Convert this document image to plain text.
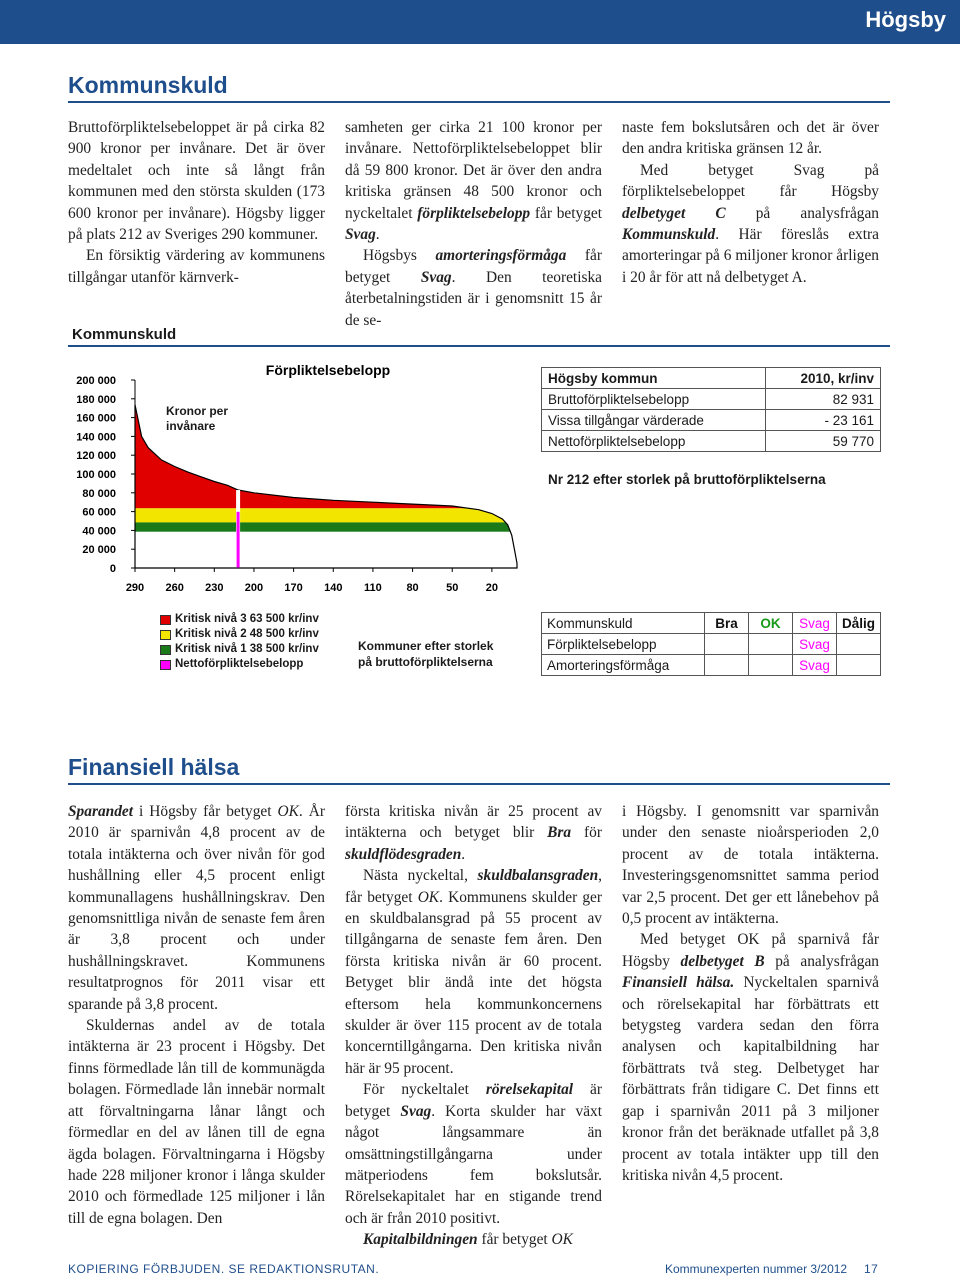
Högsby
Kommunskuld

Bruttoförpliktelsebeloppet är på cirka 82 900 kronor per invånare. Det är över medeltalet och inte så långt från kommunen med den största skulden (173 600 kronor per invånare). Högsby ligger på plats 212 av Sveriges 290 kommuner.

En försiktig värdering av kommunens tillgångar utanför kärnverk-

samheten ger cirka 21 100 kronor per invånare. Nettoförpliktelsebeloppet blir då 59 800 kronor. Det är över den andra kritiska gränsen 48 500 kronor och nyckeltalet förpliktelsebelopp får betyget Svag.

Högsbys amorteringsförmåga får betyget Svag. Den teoretiska återbetalningstiden är i genomsnitt 15 år de se-

naste fem bokslutsåren och det är över den andra kritiska gränsen 12 år.

Med betyget Svag på förpliktelsebeloppet får Högsby delbetyget C på analysfrågan Kommunskuld. Här föreslås extra amorteringar på 6 miljoner kronor årligen i 20 år för att nå delbetyget A.

Kommunskuld
Förpliktelsebelopp
Kronor per invånare
200 000
180 000
160 000
140 000
120 000
100 000
80 000
60 000
40 000
20 000
0
290 260 230 200 170 140 110 80 50 20
Högsby kommun	2010, kr/inv
Bruttoförpliktelsebelopp	82 931
Vissa tillgångar värderade	- 23 161
Nettoförpliktelsebelopp	59 770
Nr 212 efter storlek på bruttoförpliktelserna
Kritisk nivå 3 63 500 kr/inv
Kritisk nivå 2 48 500 kr/inv
Kritisk nivå 1 38 500 kr/inv
Nettoförpliktelsebelopp
Kommuner efter storlek på bruttoförpliktelserna
Kommunskuld	Bra	OK	Svag	Dålig
Förpliktelsebelopp			Svag	
Amorteringsförmåga			Svag	
Finansiell hälsa

Sparandet i Högsby får betyget OK. År 2010 är sparnivån 4,8 procent av de totala intäkterna och över nivån för god hushållning eller 4,5 procent enligt kommunallagens hushållningskrav. Den genomsnittliga nivån de senaste fem åren är 3,8 procent och under hushållningskravet. Kommunens resultatprognos för 2011 visar ett sparande på 3,8 procent.

Skuldernas andel av de totala intäkterna är 23 procent i Högsby. Det finns förmedlade lån till de kommunägda bolagen. Förmedlade lån innebär normalt att förvaltningarna lånar långt och förmedlar en del av lånen till de egna ägda bolagen. Förvaltningarna i Högsby hade 228 miljoner kronor i långa skulder 2010 och förmedlade 125 miljoner i lån till de egna bolagen. Den

första kritiska nivån är 25 procent av intäkterna och betyget blir Bra för skuldflödesgraden.

Nästa nyckeltal, skuldbalansgraden, får betyget OK. Kommunens skulder ger en skuldbalansgrad på 55 procent av tillgångarna de senaste fem åren. Den första kritiska nivån är 60 procent. Betyget blir ändå inte det högsta eftersom hela kommunkoncernens skulder är över 115 procent av de totala koncerntillgångarna. Den kritiska nivån här är 95 procent.

För nyckeltalet rörelsekapital är betyget Svag. Korta skulder har växt något långsammare än omsättningstillgångarna under mätperiodens fem bokslutsår. Rörelsekapitalet har en stigande trend och är från 2010 positivt.

Kapitalbildningen får betyget OK

i Högsby. I genomsnitt var sparnivån under den senaste nioårsperioden 2,0 procent av de totala intäkterna. Investeringsgenomsnittet samma period var 2,5 procent. Det ger ett lånebehov på 0,5 procent av intäkterna.

Med betyget OK på sparnivå får Högsby delbetyget B på analysfrågan Finansiell hälsa. Nyckeltalen sparnivå och rörelsekapital har förbättrats ett betygsteg vardera sedan den förra analysen och kapitalbildning har förbättrats två steg. Delbetyget har förbättrats från tidigare C. Det finns ett gap i sparnivån 2011 på 3 miljoner kronor från det beräknade utfallet på 3,8 procent av totala intäkter upp till den kritiska nivån 4,5 procent.

KOPIERING FÖRBJUDEN. SE REDAKTIONSRUTAN.	Kommunexperten nummer 3/2012 17
